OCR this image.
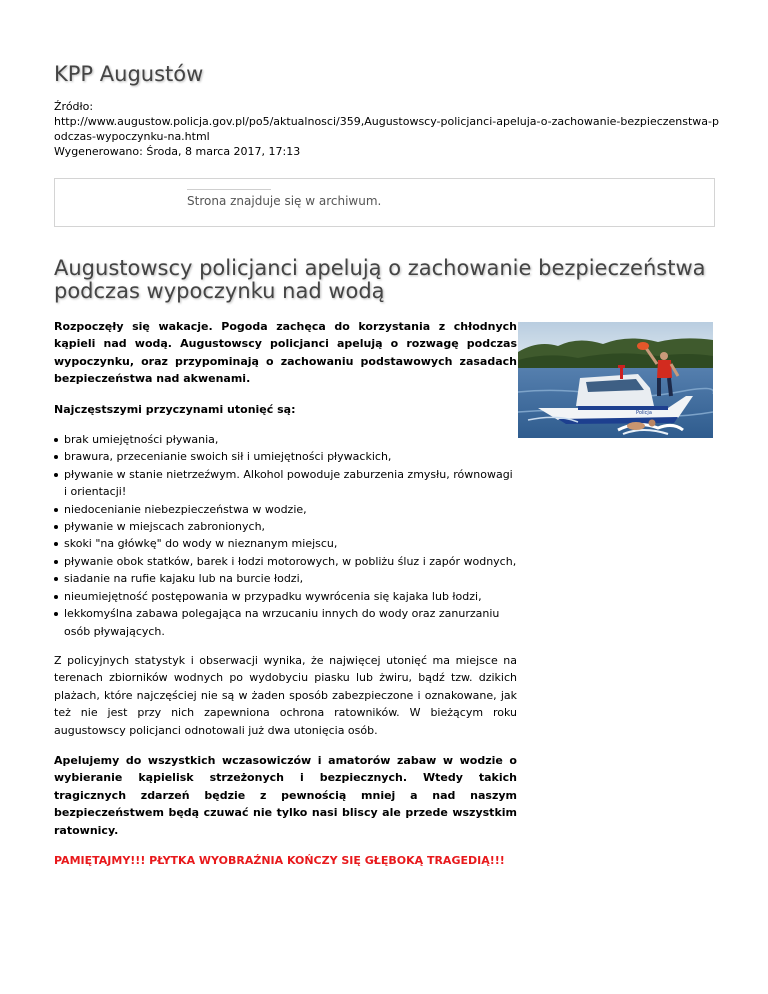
KPP Augustów
Źródło:
http://www.augustow.policja.gov.pl/po5/aktualnosci/359,Augustowscy-policjanci-apeluja-o-zachowanie-bezpieczenstwa-podczas-wypoczynku-na.html
Wygenerowano: Środa, 8 marca 2017, 17:13
Strona znajduje się w archiwum.
Augustowscy policjanci apelują o zachowanie bezpieczeństwa podczas wypoczynku nad wodą
Policja

Rozpoczęły się wakacje. Pogoda zachęca do korzystania z chłodnych kąpieli nad wodą. Augustowscy policjanci apelują o rozwagę podczas wypoczynku, oraz przypominają o zachowaniu podstawowych zasadach bezpieczeństwa nad akwenami.

Najczęstszymi przyczynami utonięć są:

brak umiejętności pływania,
brawura, przecenianie swoich sił i umiejętności pływackich,
pływanie w stanie nietrzeźwym. Alkohol powoduje zaburzenia zmysłu, równowagi i orientacji!
niedocenianie niebezpieczeństwa w wodzie,
pływanie w miejscach zabronionych,
skoki "na główkę" do wody w nieznanym miejscu,
pływanie obok statków, barek i łodzi motorowych, w pobliżu śluz i zapór wodnych,
siadanie na rufie kajaku lub na burcie łodzi,
nieumiejętność postępowania w przypadku wywrócenia się kajaka lub łodzi,
lekkomyślna zabawa polegająca na wrzucaniu innych do wody oraz zanurzaniu osób pływających.

Z policyjnych statystyk i obserwacji wynika, że najwięcej utonięć ma miejsce na terenach zbiorników wodnych po wydobyciu piasku lub żwiru, bądź tzw. dzikich plażach, które najczęściej nie są w żaden sposób zabezpieczone i oznakowane, jak też nie jest przy nich zapewniona ochrona ratowników. W bieżącym roku augustowscy policjanci odnotowali już dwa utonięcia osób.

Apelujemy do wszystkich wczasowiczów i amatorów zabaw w wodzie o wybieranie kąpielisk strzeżonych i bezpiecznych. Wtedy takich tragicznych zdarzeń będzie z pewnością mniej a nad naszym bezpieczeństwem będą czuwać nie tylko nasi bliscy ale przede wszystkim ratownicy.

PAMIĘTAJMY!!! PŁYTKA WYOBRAŹNIA KOŃCZY SIĘ GŁĘBOKĄ TRAGEDIĄ!!!
